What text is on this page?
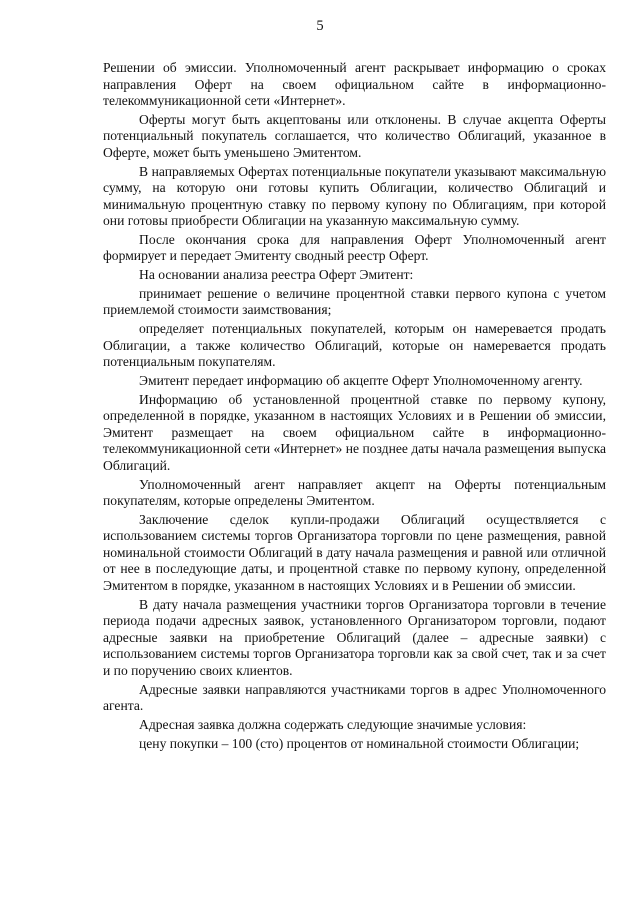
5

Решении об эмиссии. Уполномоченный агент раскрывает информацию о сроках направления Оферт на своем официальном сайте в информационно-телекоммуникационной сети «Интернет».

Оферты могут быть акцептованы или отклонены. В случае акцепта Оферты потенциальный покупатель соглашается, что количество Облигаций, указанное в Оферте, может быть уменьшено Эмитентом.

В направляемых Офертах потенциальные покупатели указывают максимальную сумму, на которую они готовы купить Облигации, количество Облигаций и минимальную процентную ставку по первому купону по Облигациям, при которой они готовы приобрести Облигации на указанную максимальную сумму.

После окончания срока для направления Оферт Уполномоченный агент формирует и передает Эмитенту сводный реестр Оферт.

На основании анализа реестра Оферт Эмитент:

принимает решение о величине процентной ставки первого купона с учетом приемлемой стоимости заимствования;

определяет потенциальных покупателей, которым он намеревается продать Облигации, а также количество Облигаций, которые он намеревается продать потенциальным покупателям.

Эмитент передает информацию об акцепте Оферт Уполномоченному агенту.

Информацию об установленной процентной ставке по первому купону, определенной в порядке, указанном в настоящих Условиях и в Решении об эмиссии, Эмитент размещает на своем официальном сайте в информационно-телекоммуникационной сети «Интернет» не позднее даты начала размещения выпуска Облигаций.

Уполномоченный агент направляет акцепт на Оферты потенциальным покупателям, которые определены Эмитентом.

Заключение сделок купли-продажи Облигаций осуществляется с использованием системы торгов Организатора торговли по цене размещения, равной номинальной стоимости Облигаций в дату начала размещения и равной или отличной от нее в последующие даты, и процентной ставке по первому купону, определенной Эмитентом в порядке, указанном в настоящих Условиях и в Решении об эмиссии.

В дату начала размещения участники торгов Организатора торговли в течение периода подачи адресных заявок, установленного Организатором торговли, подают адресные заявки на приобретение Облигаций (далее – адресные заявки) с использованием системы торгов Организатора торговли как за свой счет, так и за счет и по поручению своих клиентов.

Адресные заявки направляются участниками торгов в адрес Уполномоченного агента.

Адресная заявка должна содержать следующие значимые условия:

цену покупки – 100 (сто) процентов от номинальной стоимости Облигации;
